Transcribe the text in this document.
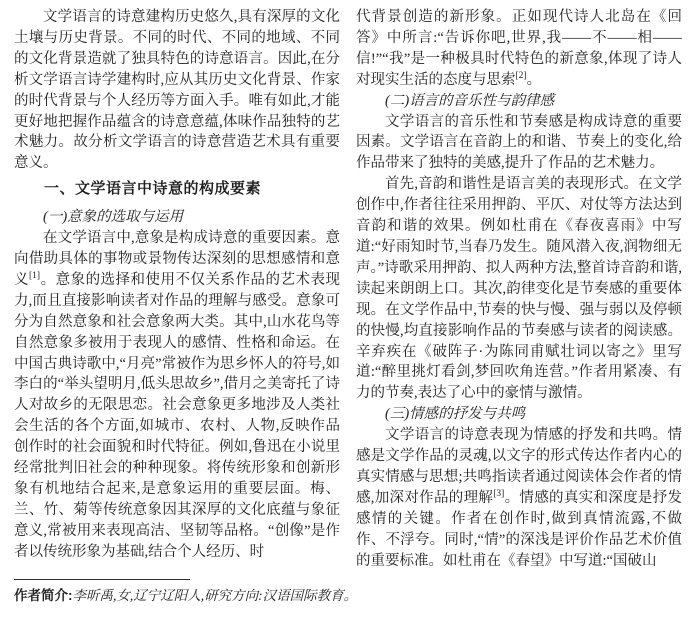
文学语言的诗意建构历史悠久,具有深厚的文化土壤与历史背景。不同的时代、不同的地域、不同的文化背景造就了独具特色的诗意语言。因此,在分析文学语言诗学建构时,应从其历史文化背景、作家的时代背景与个人经历等方面入手。唯有如此,才能更好地把握作品蕴含的诗意意蕴,体味作品独特的艺术魅力。故分析文学语言的诗意营造艺术具有重要意义。

一、文学语言中诗意的构成要素

(一)意象的选取与运用

在文学语言中,意象是构成诗意的重要因素。意向借助具体的事物或景物传达深刻的思想感情和意义[1]。意象的选择和使用不仅关系作品的艺术表现力,而且直接影响读者对作品的理解与感受。意象可分为自然意象和社会意象两大类。其中,山水花鸟等自然意象多被用于表现人的感情、性格和命运。在中国古典诗歌中,“月亮”常被作为思乡怀人的符号,如李白的“举头望明月,低头思故乡”,借月之美寄托了诗人对故乡的无限思恋。社会意象更多地涉及人类社会生活的各个方面,如城市、农村、人物,反映作品创作时的社会面貌和时代特征。例如,鲁迅在小说里经常批判旧社会的种种现象。将传统形象和创新形象有机地结合起来,是意象运用的重要层面。梅、兰、竹、菊等传统意象因其深厚的文化底蕴与象征意义,常被用来表现高洁、坚韧等品格。“创像”是作者以传统形象为基础,结合个人经历、时

代背景创造的新形象。正如现代诗人北岛在《回答》中所言:“告诉你吧,世界,我——不——相——信!”“我”是一种极具时代特色的新意象,体现了诗人对现实生活的态度与思索[2]。

(二)语言的音乐性与韵律感

文学语言的音乐性和节奏感是构成诗意的重要因素。文学语言在音韵上的和谐、节奏上的变化,给作品带来了独特的美感,提升了作品的艺术魅力。

首先,音韵和谐性是语言美的表现形式。在文学创作中,作者往往采用押韵、平仄、对仗等方法达到音韵和谐的效果。例如杜甫在《春夜喜雨》中写道:“好雨知时节,当春乃发生。随风潜入夜,润物细无声。”诗歌采用押韵、拟人两种方法,整首诗音韵和谐,读起来朗朗上口。其次,韵律变化是节奏感的重要体现。在文学作品中,节奏的快与慢、强与弱以及停顿的快慢,均直接影响作品的节奏感与读者的阅读感。辛弃疾在《破阵子·为陈同甫赋壮词以寄之》里写道:“醉里挑灯看剑,梦回吹角连营。”作者用紧凑、有力的节奏,表达了心中的豪情与激情。

(三)情感的抒发与共鸣

文学语言的诗意表现为情感的抒发和共鸣。情感是文学作品的灵魂,以文字的形式传达作者内心的真实情感与思想;共鸣指读者通过阅读体会作者的情感,加深对作品的理解[3]。情感的真实和深度是抒发感情的关键。作者在创作时,做到真情流露,不做作、不浮夸。同时,“情”的深浅是评价作品艺术价值的重要标准。如杜甫在《春望》中写道:“国破山

作者简介:李昕禹,女,辽宁辽阳人,研究方向:汉语国际教育。
